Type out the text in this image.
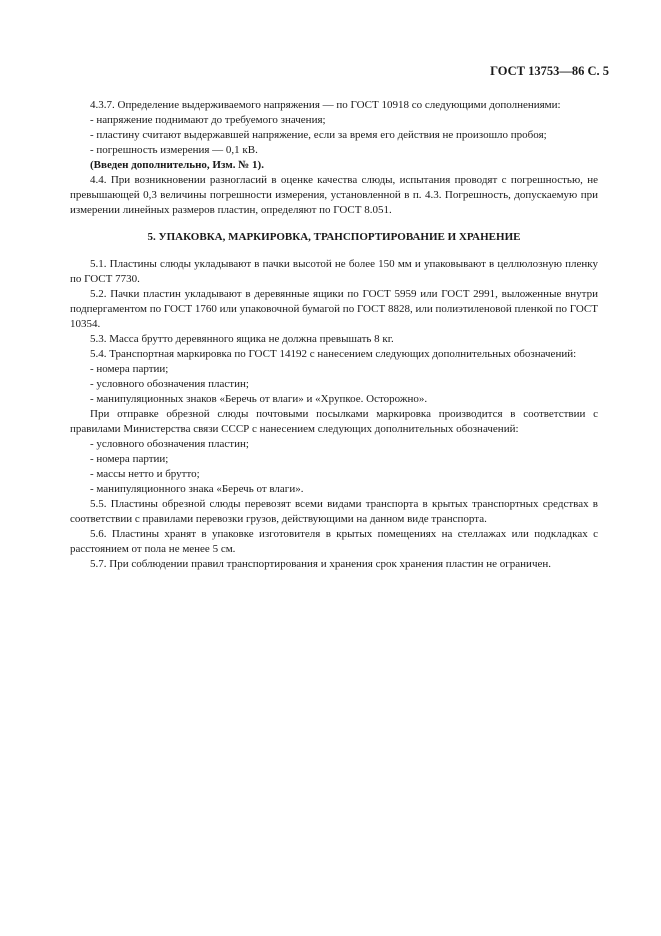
ГОСТ 13753—86 С. 5

4.3.7. Определение выдерживаемого напряжения — по ГОСТ 10918 со следующими дополнениями:

- напряжение поднимают до требуемого значения;

- пластину считают выдержавшей напряжение, если за время его действия не произошло пробоя;

- погрешность измерения — 0,1 кВ.

(Введен дополнительно, Изм. № 1).

4.4. При возникновении разногласий в оценке качества слюды, испытания проводят с погрешностью, не превышающей 0,3 величины погрешности измерения, установленной в п. 4.3. Погрешность, допускаемую при измерении линейных размеров пластин, определяют по ГОСТ 8.051.

5. УПАКОВКА, МАРКИРОВКА, ТРАНСПОРТИРОВАНИЕ И ХРАНЕНИЕ

5.1. Пластины слюды укладывают в пачки высотой не более 150 мм и упаковывают в целлюлозную пленку по ГОСТ 7730.

5.2. Пачки пластин укладывают в деревянные ящики по ГОСТ 5959 или ГОСТ 2991, выложенные внутри подпергаментом по ГОСТ 1760 или упаковочной бумагой по ГОСТ 8828, или полиэтиленовой пленкой по ГОСТ 10354.

5.3. Масса брутто деревянного ящика не должна превышать 8 кг.

5.4. Транспортная маркировка по ГОСТ 14192 с нанесением следующих дополнительных обозначений:

- номера партии;

- условного обозначения пластин;

- манипуляционных знаков «Беречь от влаги» и «Хрупкое. Осторожно».

При отправке обрезной слюды почтовыми посылками маркировка производится в соответствии с правилами Министерства связи СССР с нанесением следующих дополнительных обозначений:

- условного обозначения пластин;

- номера партии;

- массы нетто и брутто;

- манипуляционного знака «Беречь от влаги».

5.5. Пластины обрезной слюды перевозят всеми видами транспорта в крытых транспортных средствах в соответствии с правилами перевозки грузов, действующими на данном виде транспорта.

5.6. Пластины хранят в упаковке изготовителя в крытых помещениях на стеллажах или подкладках с расстоянием от пола не менее 5 см.

5.7. При соблюдении правил транспортирования и хранения срок хранения пластин не ограничен.
